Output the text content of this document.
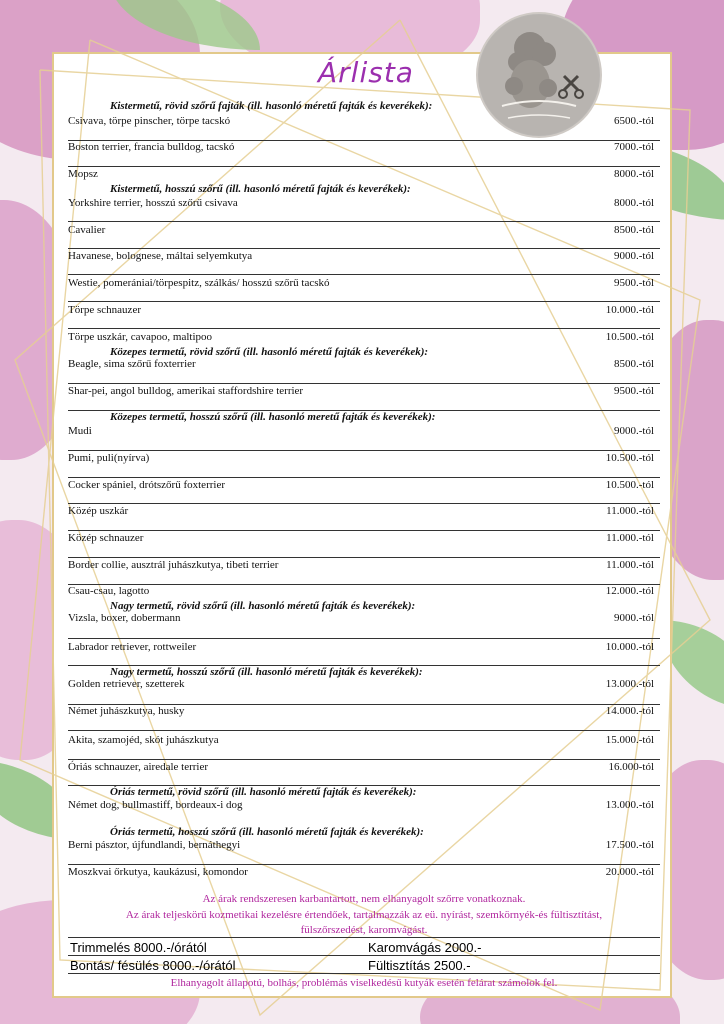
Árlista
Csivava, törpe pinscher, törpe tacskó	6500.-tól
Boston terrier, francia bulldog, tacskó	7000.-tól
Mopsz	8000.-tól
Yorkshire terrier, hosszú szőrű csivava	8000.-tól
Cavalier	8500.-tól
Havanese, bolognese, máltai selyemkutya	9000.-tól
Westie, pomerániai/törpespitz, szálkás/ hosszú szőrű tacskó	9500.-tól
Törpe schnauzer	10.000.-tól
Törpe uszkár, cavapoo, maltipoo	10.500.-tól
Beagle, sima szőrű foxterrier	8500.-tól
Shar-pei, angol bulldog, amerikai staffordshire terrier	9500.-tól
Mudi	9000.-tól
Pumi, puli(nyírva)	10.500.-tól
Cocker spániel, drótszőrű foxterrier	10.500.-tól
Közép uszkár	11.000.-tól
Közép schnauzer	11.000.-tól
Border collie, ausztrál juhászkutya, tibeti terrier	11.000.-tól
Csau-csau, lagotto	12.000.-tól
Vizsla, boxer, dobermann	9000.-tól
Labrador retriever, rottweiler	10.000.-tól
Golden retriever, szetterek	13.000.-tól
Német juhászkutya, husky	14.000.-tól
Akita, szamojéd, skót juhászkutya	15.000.-tól
Óriás schnauzer, airedale terrier	16.000-tól
Német dog, bullmastiff, bordeaux-i dog	13.000.-tól
Berni pásztor, újfundlandi, bernáthegyi	17.500.-tól
Moszkvai őrkutya, kaukázusi, komondor	20.000.-tól
Kistermetű, rövid szőrű fajták (ill. hasonló méretű fajták és keverékek):
Kistermetű, hosszú szőrű (ill. hasonló méretű fajták és keverékek):
Közepes termetű, rövid szőrű (ill. hasonló méretű fajták és keverékek):
Közepes termetű, hosszú szőrű (ill. hasonló meretű fajták és keverékek):
Nagy termetű, rövid szőrű (ill. hasonló méretű fajták és keverékek):
Nagy termetű, hosszú szőrű (ill. hasonló méretű fajták és keverékek):
Óriás termetű, rövid szőrű (ill. hasonló méretű fajták és keverékek):
Óriás termetű, hosszú szőrű (ill. hasonló méretű fajták és keverékek):
Az árak rendszeresen karbantartott, nem elhanyagolt szőrre vonatkoznak.
Az árak teljeskörű kozmetikai kezelésre értendőek, tartalmazzák az eü. nyírást, szemkörnyék-és fültisztítást,
fülszőrszedést, karomvágást.
Trimmelés 8000.-/órától	Karomvágás 2000.-
Bontás/ fésülés 8000.-/órától	Fültisztítás 2500.-
Elhanyagolt állapotú, bolhás, problémás viselkedésű kutyák esetén felárat számolok fel.
